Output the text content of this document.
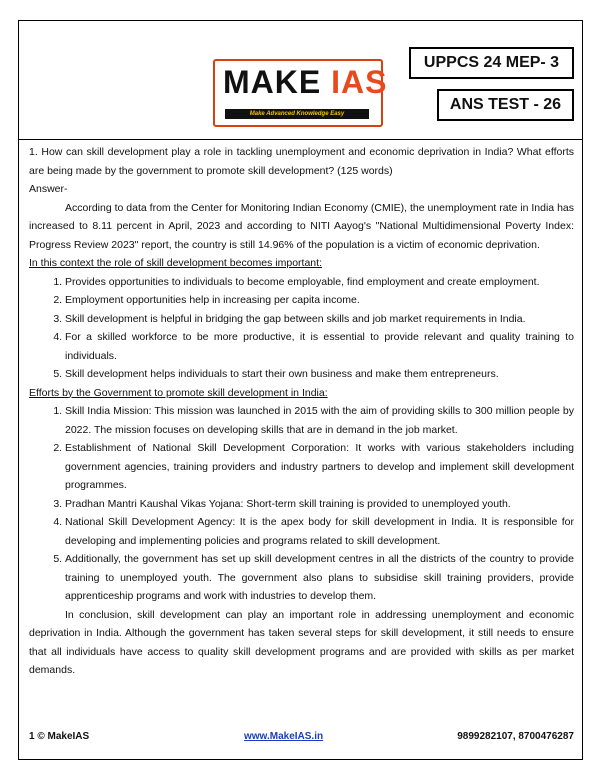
MAKE IAS
Make Advanced Knowledge Easy
UPPCS 24 MEP- 3
ANS TEST - 26

1. How can skill development play a role in tackling unemployment and economic deprivation in India? What efforts are being made by the government to promote skill development? (125 words)

Answer-

According to data from the Center for Monitoring Indian Economy (CMIE), the unemployment rate in India has increased to 8.11 percent in April, 2023 and according to NITI Aayog's "National Multidimensional Poverty Index: Progress Review 2023" report, the country is still 14.96% of the population is a victim of economic deprivation.

In this context the role of skill development becomes important:

1. Provides opportunities to individuals to become employable, find employment and create employment.
2. Employment opportunities help in increasing per capita income.
3. Skill development is helpful in bridging the gap between skills and job market requirements in India.
4. For a skilled workforce to be more productive, it is essential to provide relevant and quality training to individuals.
5. Skill development helps individuals to start their own business and make them entrepreneurs.

Efforts by the Government to promote skill development in India:

1. Skill India Mission: This mission was launched in 2015 with the aim of providing skills to 300 million people by 2022. The mission focuses on developing skills that are in demand in the job market.
2. Establishment of National Skill Development Corporation: It works with various stakeholders including government agencies, training providers and industry partners to develop and implement skill development programmes.
3. Pradhan Mantri Kaushal Vikas Yojana: Short-term skill training is provided to unemployed youth.
4. National Skill Development Agency: It is the apex body for skill development in India. It is responsible for developing and implementing policies and programs related to skill development.
5. Additionally, the government has set up skill development centres in all the districts of the country to provide training to unemployed youth. The government also plans to subsidise skill training providers, provide apprenticeship programs and work with industries to develop them.

In conclusion, skill development can play an important role in addressing unemployment and economic deprivation in India. Although the government has taken several steps for skill development, it still needs to ensure that all individuals have access to quality skill development programs and are provided with skills as per market demands.

1 © MakeIAS	www.MakeIAS.in	9899282107, 8700476287
